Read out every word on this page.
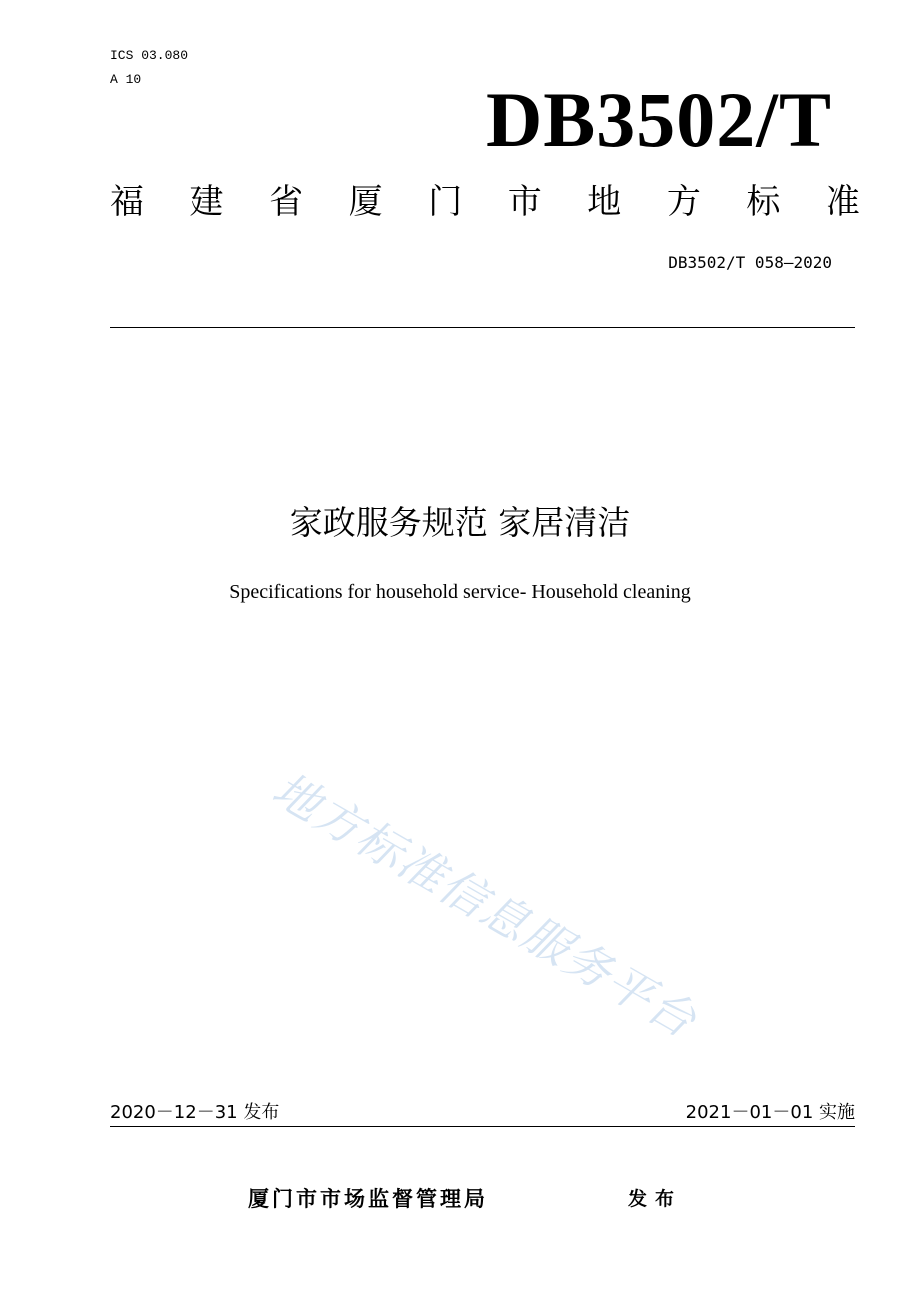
ICS 03.080
A 10	DB3502/T
福 建 省 厦 门 市 地 方 标 准
DB3502/T 058—2020
家政服务规范 家居清洁
Specifications for household service- Household cleaning
地方标准信息服务平台
2020－12－31 发布	2021－01－01 实施
厦门市市场监督管理局	发布
